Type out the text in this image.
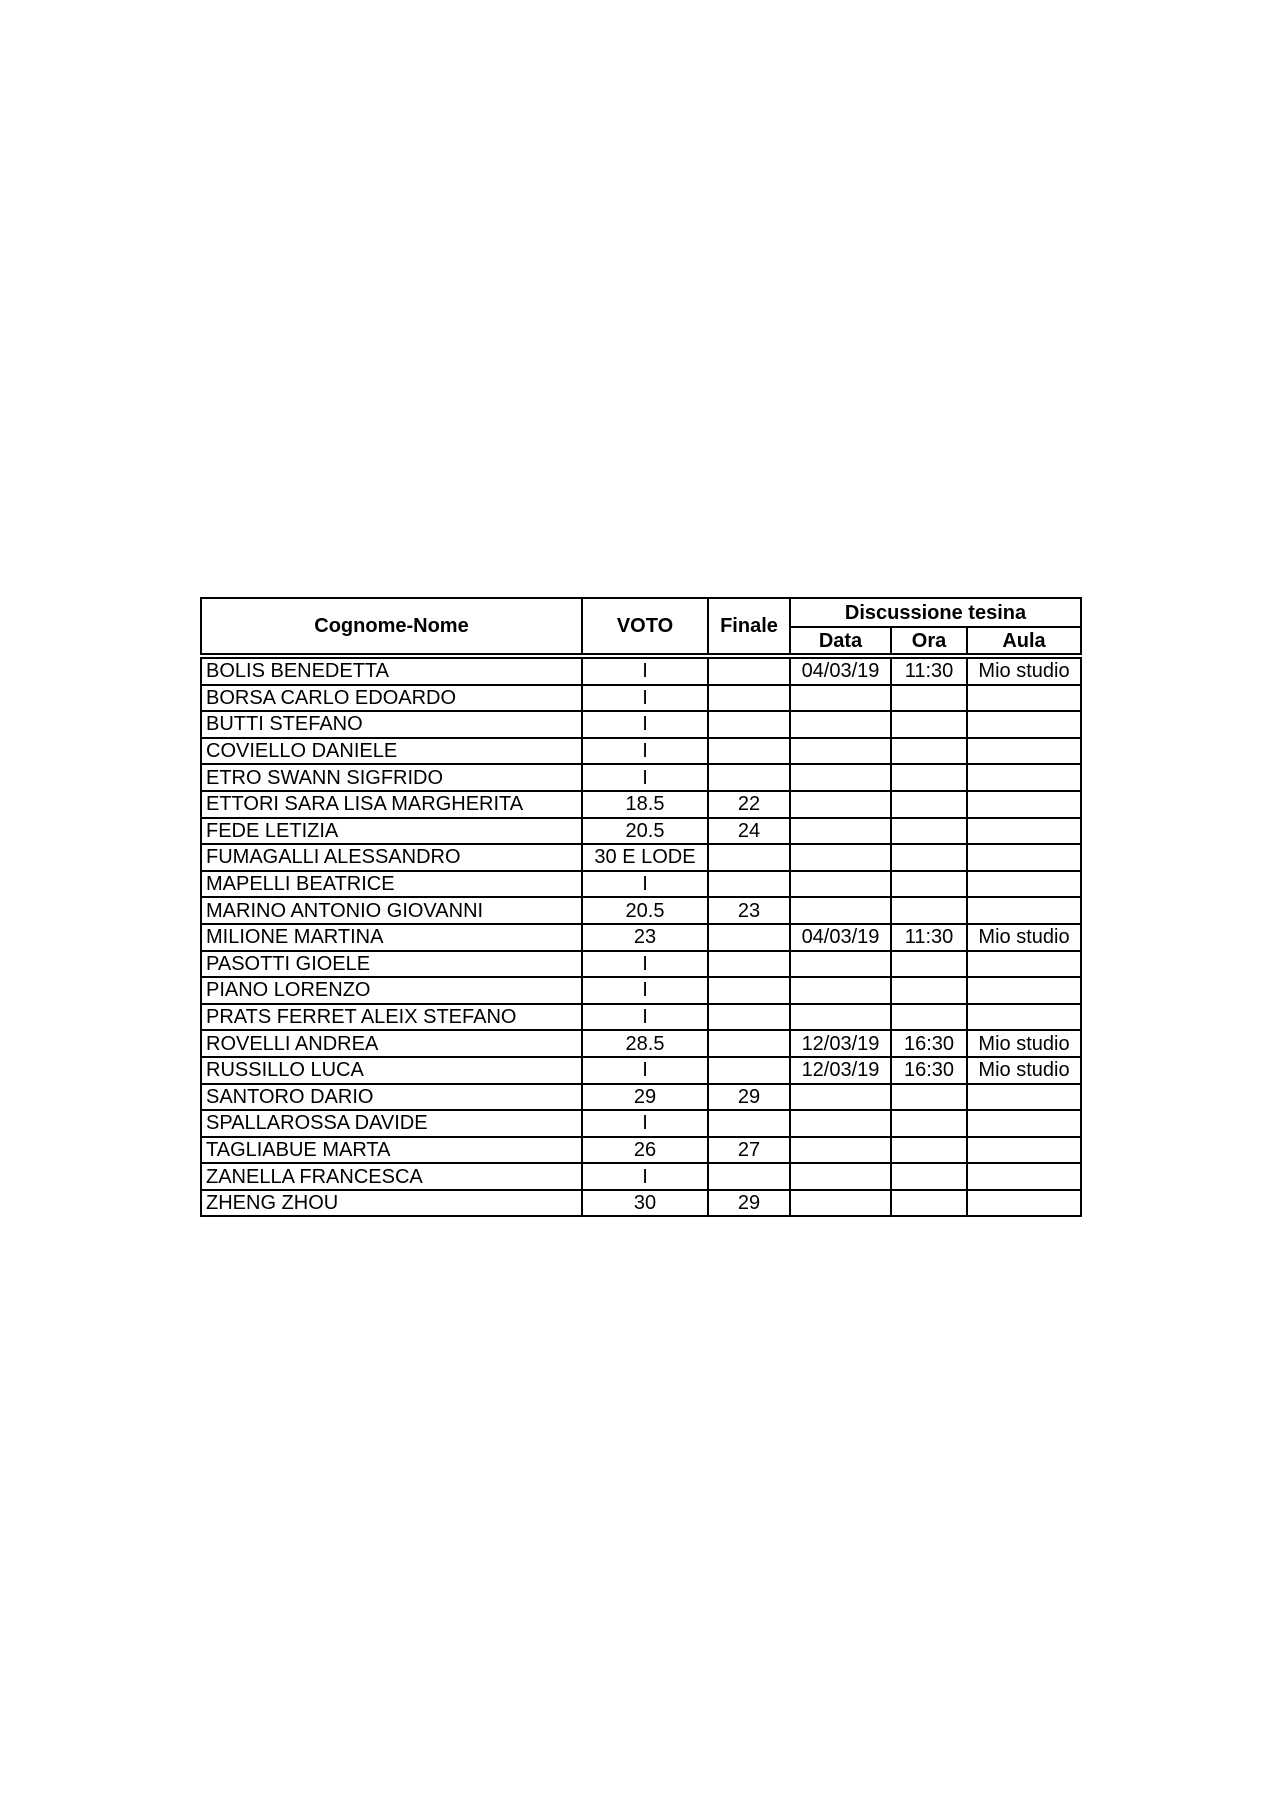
Cognome-Nome	VOTO	Finale	Discussione tesina		
			Data	Ora	Aula
BOLIS BENEDETTA	I		04/03/19	11:30	Mio studio
BORSA CARLO EDOARDO	I				
BUTTI STEFANO	I				
COVIELLO DANIELE	I				
ETRO SWANN SIGFRIDO	I				
ETTORI SARA LISA MARGHERITA	18.5	22			
FEDE LETIZIA	20.5	24			
FUMAGALLI ALESSANDRO	30 E LODE				
MAPELLI BEATRICE	I				
MARINO ANTONIO GIOVANNI	20.5	23			
MILIONE MARTINA	23		04/03/19	11:30	Mio studio
PASOTTI GIOELE	I				
PIANO LORENZO	I				
PRATS FERRET ALEIX STEFANO	I				
ROVELLI ANDREA	28.5		12/03/19	16:30	Mio studio
RUSSILLO LUCA	I		12/03/19	16:30	Mio studio
SANTORO DARIO	29	29			
SPALLAROSSA DAVIDE	I				
TAGLIABUE MARTA	26	27			
ZANELLA FRANCESCA	I				
ZHENG ZHOU	30	29			
